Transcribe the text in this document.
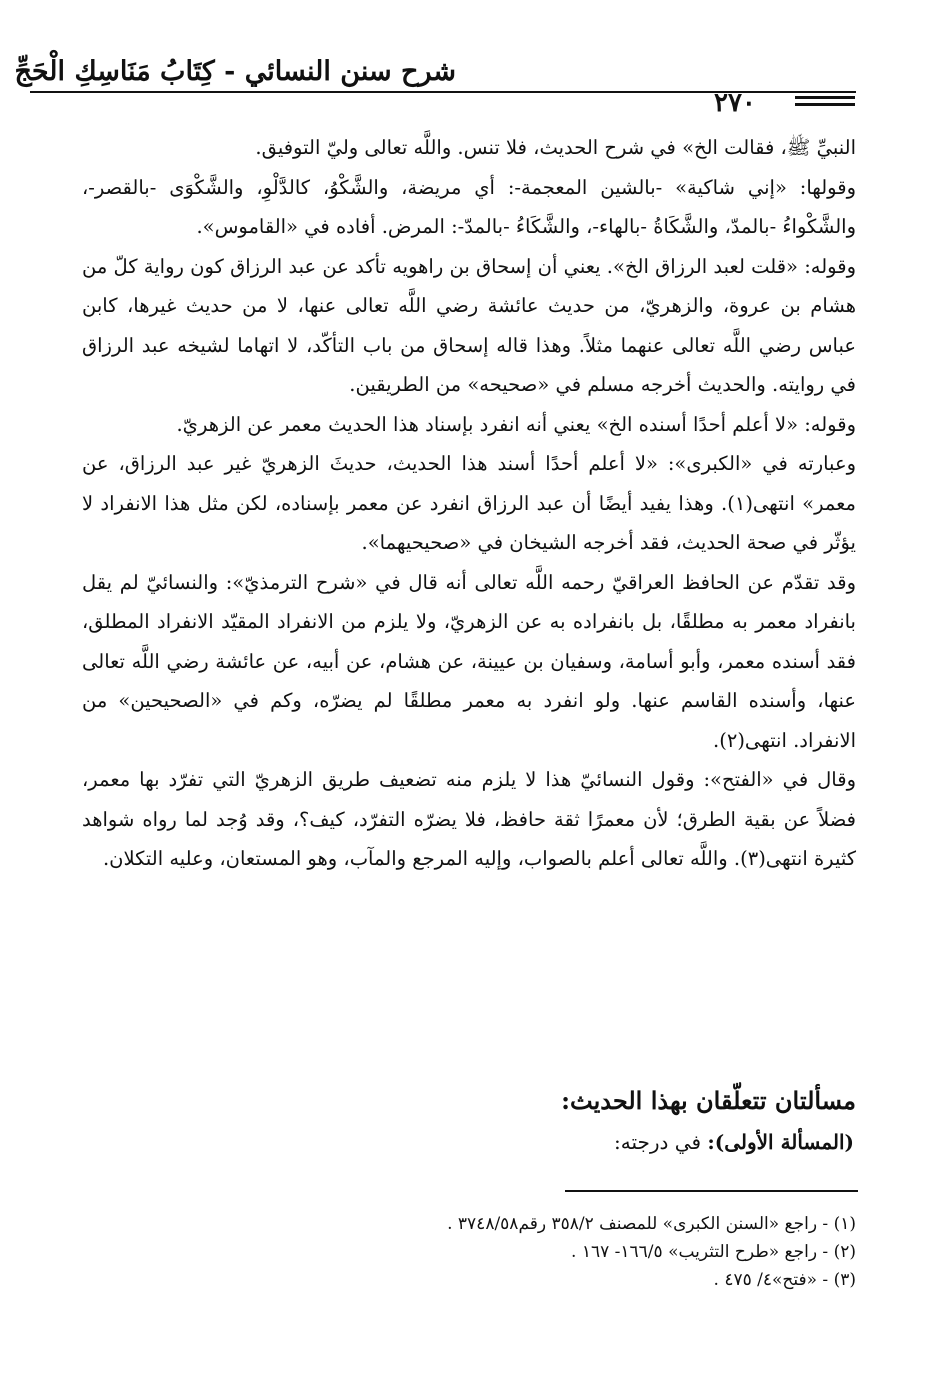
شرح سنن النسائي - كِتَابُ مَنَاسِكِ الْحَجِّ
٢٧٠

النبيِّ ﷺ، فقالت الخ» في شرح الحديث، فلا تنس. واللَّه تعالى وليّ التوفيق.

وقولها: «إني شاكية» -بالشين المعجمة-: أي مريضة، والشَّكْوُ، كالدَّلْوِ، والشَّكْوَى -بالقصر-، والشَّكْواءُ -بالمدّ، والشَّكَاةُ -بالهاء-، والشَّكَاءُ -بالمدّ-: المرض. أفاده في «القاموس».

وقوله: «قلت لعبد الرزاق الخ». يعني أن إسحاق بن راهويه تأكد عن عبد الرزاق كون رواية كلّ من هشام بن عروة، والزهريّ، من حديث عائشة رضي اللَّه تعالى عنها، لا من حديث غيرها، كابن عباس رضي اللَّه تعالى عنهما مثلاً. وهذا قاله إسحاق من باب التأكّد، لا اتهاما لشيخه عبد الرزاق في روايته. والحديث أخرجه مسلم في «صحيحه» من الطريقين.

وقوله: «لا أعلم أحدًا أسنده الخ» يعني أنه انفرد بإسناد هذا الحديث معمر عن الزهريّ.

وعبارته في «الكبرى»: «لا أعلم أحدًا أسند هذا الحديث، حديثَ الزهريّ غير عبد الرزاق، عن معمر» انتهى(١). وهذا يفيد أيضًا أن عبد الرزاق انفرد عن معمر بإسناده، لكن مثل هذا الانفراد لا يؤثّر في صحة الحديث، فقد أخرجه الشيخان في «صحيحيهما».

وقد تقدّم عن الحافظ العراقيّ رحمه اللَّه تعالى أنه قال في «شرح الترمذيّ»: والنسائيّ لم يقل بانفراد معمر به مطلقًا، بل بانفراده به عن الزهريّ، ولا يلزم من الانفراد المقيّد الانفراد المطلق، فقد أسنده معمر، وأبو أسامة، وسفيان بن عيينة، عن هشام، عن أبيه، عن عائشة رضي اللَّه تعالى عنها، وأسنده القاسم عنها. ولو انفرد به معمر مطلقًا لم يضرّه، وكم في «الصحيحين» من الانفراد. انتهى(٢).

وقال في «الفتح»: وقول النسائيّ هذا لا يلزم منه تضعيف طريق الزهريّ التي تفرّد بها معمر، فضلاً عن بقية الطرق؛ لأن معمرًا ثقة حافظ، فلا يضرّه التفرّد، كيف؟، وقد وُجد لما رواه شواهد كثيرة انتهى(٣). واللَّه تعالى أعلم بالصواب، وإليه المرجع والمآب، وهو المستعان، وعليه التكلان.

مسألتان تتعلّقان بهذا الحديث:
(المسألة الأولى): في درجته:
(١) - راجع «السنن الكبرى» للمصنف ٣٥٨/٢ رقم٣٧٤٨/٥٨ .
(٢) - راجع «طرح التثريب» ١٦٦/٥- ١٦٧ .
(٣) - «فتح»٤/ ٤٧٥ .
